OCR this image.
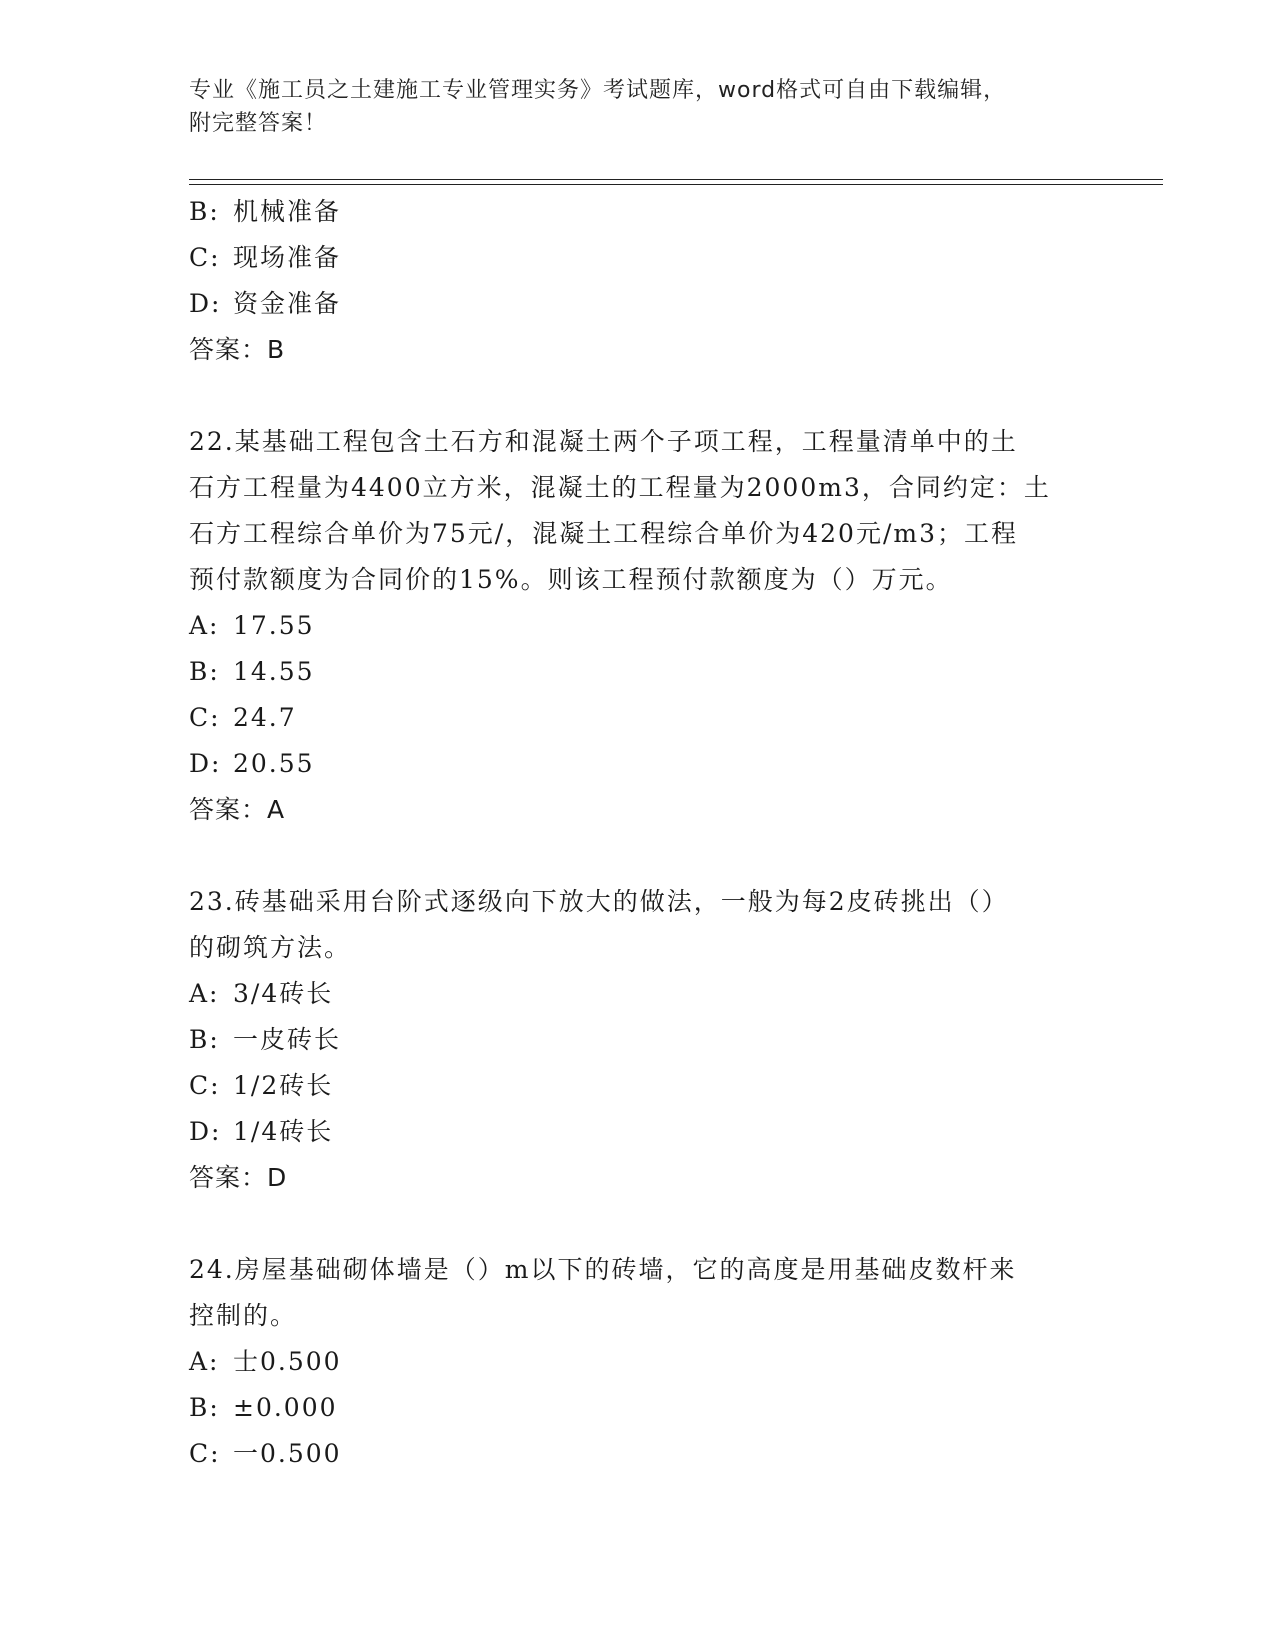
专业《施工员之土建施工专业管理实务》考试题库，word格式可自由下载编辑，
附完整答案！
B: 机械准备
C: 现场准备
D: 资金准备
答案：B
22.某基础工程包含土石方和混凝土两个子项工程，工程量清单中的土
石方工程量为4400立方米，混凝土的工程量为2000m3，合同约定：土
石方工程综合单价为75元/，混凝土工程综合单价为420元/m3；工程
预付款额度为合同价的15%。则该工程预付款额度为（）万元。
A: 17.55
B: 14.55
C: 24.7
D: 20.55
答案：A
23.砖基础采用台阶式逐级向下放大的做法，一般为每2皮砖挑出（）
的砌筑方法。
A: 3/4砖长
B: 一皮砖长
C: 1/2砖长
D: 1/4砖长
答案：D
24.房屋基础砌体墙是（）m以下的砖墙，它的高度是用基础皮数杆来
控制的。
A: 士0.500
B: ±0.000
C: 一0.500
